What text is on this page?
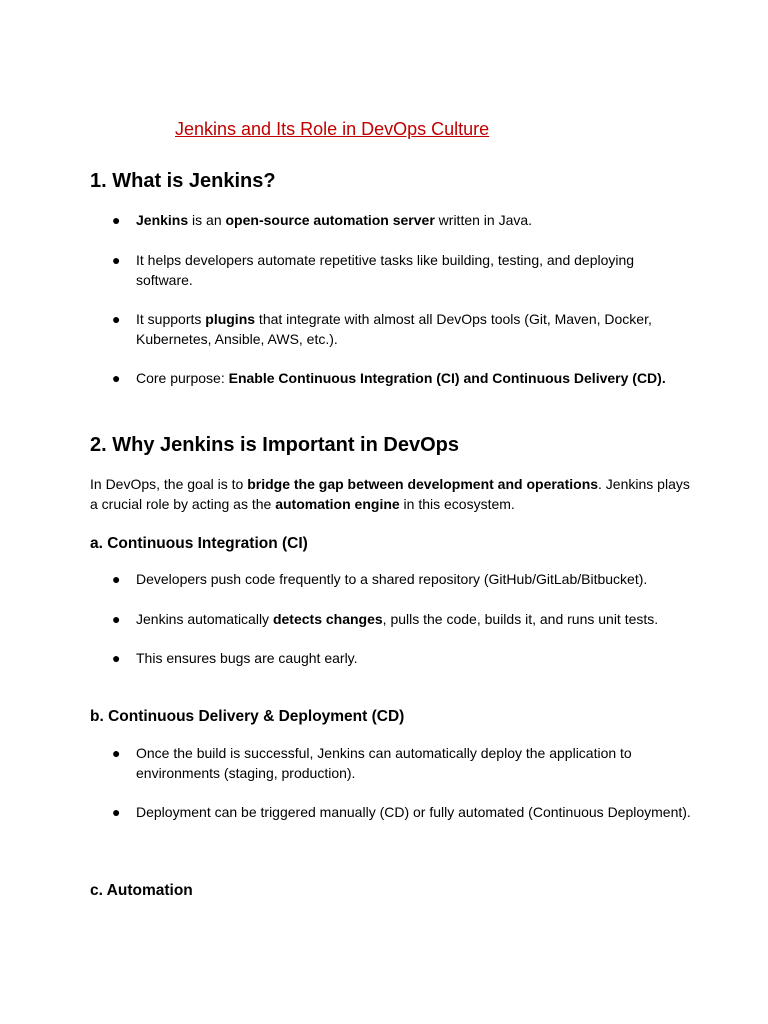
Jenkins and Its Role in DevOps Culture
1. What is Jenkins?
●	Jenkins is an open-source automation server written in Java.
●	It helps developers automate repetitive tasks like building, testing, and deploying software.
●	It supports plugins that integrate with almost all DevOps tools (Git, Maven, Docker, Kubernetes, Ansible, AWS, etc.).
●	Core purpose: Enable Continuous Integration (CI) and Continuous Delivery (CD).
2. Why Jenkins is Important in DevOps
In DevOps, the goal is to bridge the gap between development and operations. Jenkins plays a crucial role by acting as the automation engine in this ecosystem.
a. Continuous Integration (CI)
●	Developers push code frequently to a shared repository (GitHub/GitLab/Bitbucket).
●	Jenkins automatically detects changes, pulls the code, builds it, and runs unit tests.
●	This ensures bugs are caught early.
b. Continuous Delivery & Deployment (CD)
●	Once the build is successful, Jenkins can automatically deploy the application to environments (staging, production).
●	Deployment can be triggered manually (CD) or fully automated (Continuous Deployment).
c. Automation
